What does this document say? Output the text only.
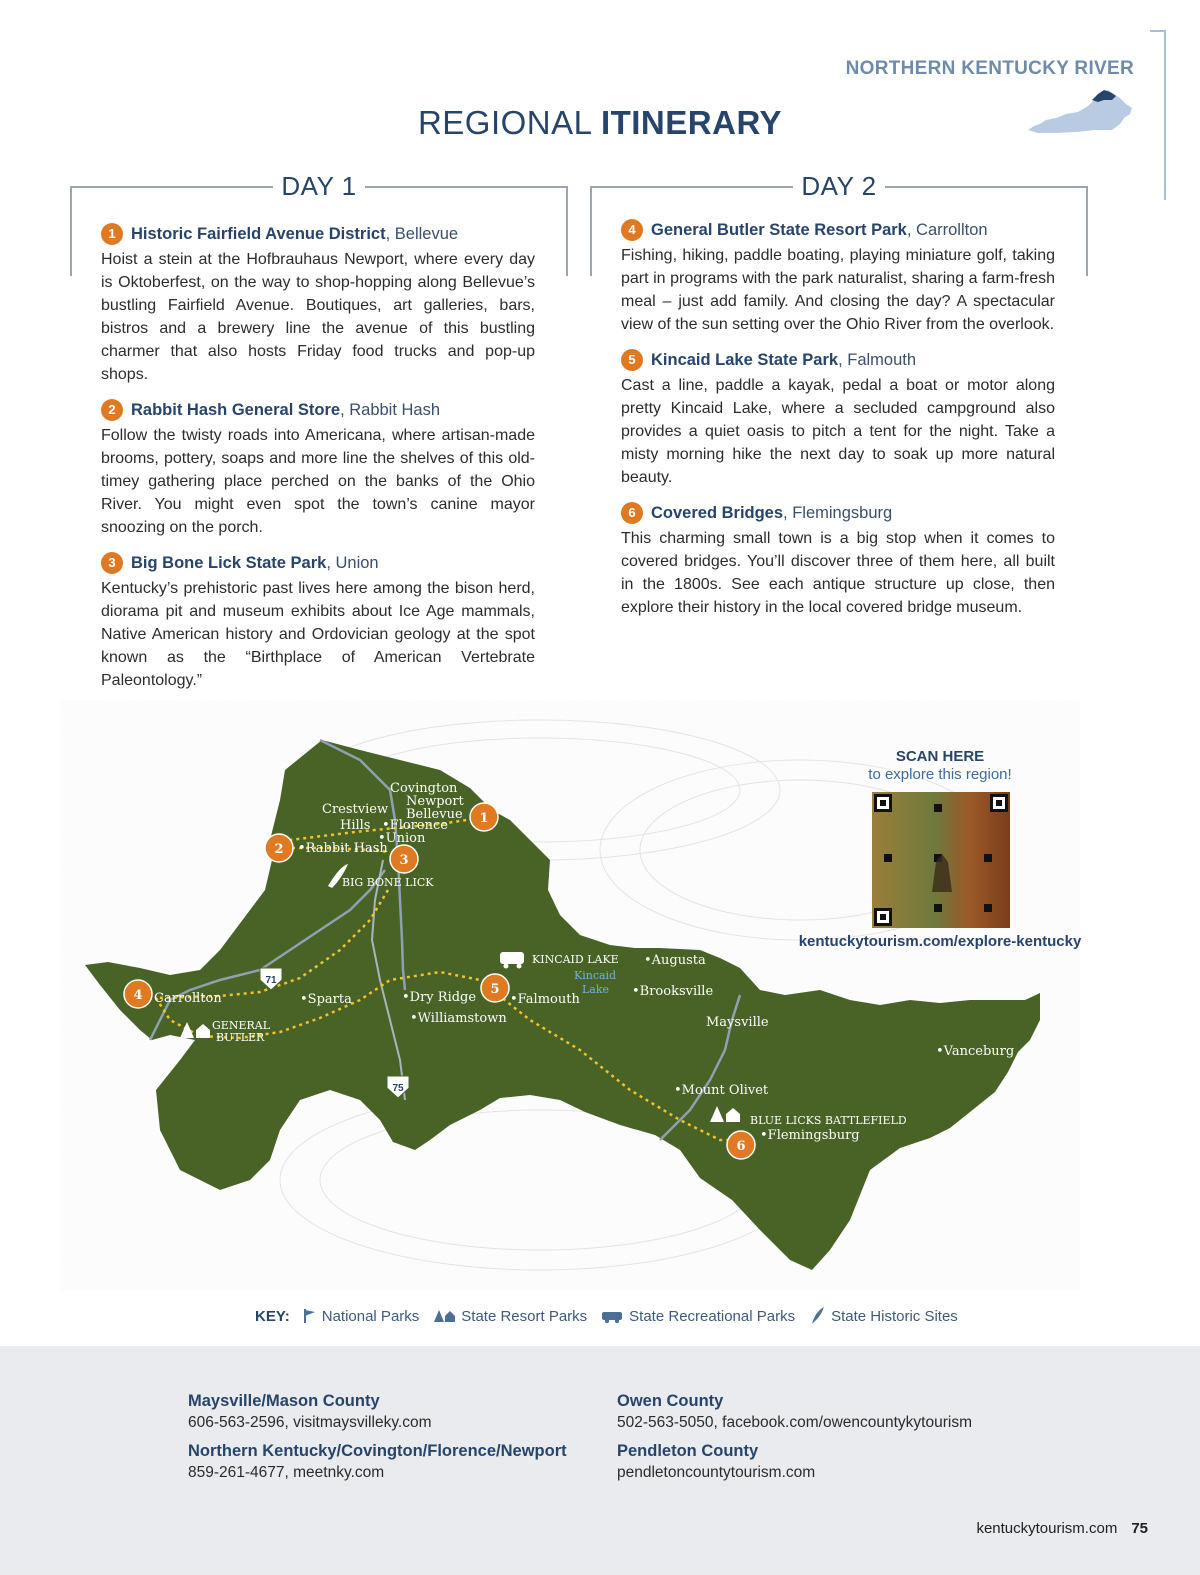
NORTHERN KENTUCKY RIVER
REGIONAL ITINERARY
DAY 1	DAY 2
1 Historic Fairfield Avenue District, Bellevue
Hoist a stein at the Hofbrauhaus Newport, where every day is Oktoberfest, on the way to shop-hopping along Bellevue’s bustling Fairfield Avenue. Boutiques, art galleries, bars, bistros and a brewery line the avenue of this bustling charmer that also hosts Friday food trucks and pop-up shops.
2 Rabbit Hash General Store, Rabbit Hash
Follow the twisty roads into Americana, where artisan-made brooms, pottery, soaps and more line the shelves of this old-timey gathering place perched on the banks of the Ohio River. You might even spot the town’s canine mayor snoozing on the porch.
3 Big Bone Lick State Park, Union
Kentucky’s prehistoric past lives here among the bison herd, diorama pit and museum exhibits about Ice Age mammals, Native American history and Ordovician geology at the spot known as the “Birthplace of American Vertebrate Paleontology.”
4 General Butler State Resort Park, Carrollton
Fishing, hiking, paddle boating, playing miniature golf, taking part in programs with the park naturalist, sharing a farm-fresh meal – just add family. And closing the day? A spectacular view of the sun setting over the Ohio River from the overlook.
5 Kincaid Lake State Park, Falmouth
Cast a line, paddle a kayak, pedal a boat or motor along pretty Kincaid Lake, where a secluded campground also provides a quiet oasis to pitch a tent for the night. Take a misty morning hike the next day to soak up more natural beauty.
6 Covered Bridges, Flemingsburg
This charming small town is a big stop when it comes to covered bridges. You’ll discover three of them here, all built in the 1800s. See each antique structure up close, then explore their history in the local covered bridge museum.
1
2
3
4	5
6
71
75
Covington
Newport
Bellevue
Crestview
Hills •Florence
•Union
•Rabbit Hash
Carrollton	•Sparta	•Dry Ridge
•Williamstown
•Falmouth
•Augusta
•Brooksville
Maysville
•Vanceburg
•Mount Olivet
•Flemingsburg
BIG BONE LICK
KINCAID LAKE
GENERAL
BUTLER
BLUE LICKS BATTLEFIELD
Kincaid
Lake
SCAN HERE
to explore this region!
kentuckytourism.com/explore-kentucky
KEY: National Parks	State Resort Parks	State Recreational Parks State Historic Sites
Maysville/Mason County
606-563-2596, visitmaysvilleky.com
Northern Kentucky/Covington/Florence/Newport
859-261-4677, meetnky.com
Owen County
502-563-5050, facebook.com/owencountykytourism
Pendleton County
pendletoncountytourism.com
kentuckytourism.com 75
